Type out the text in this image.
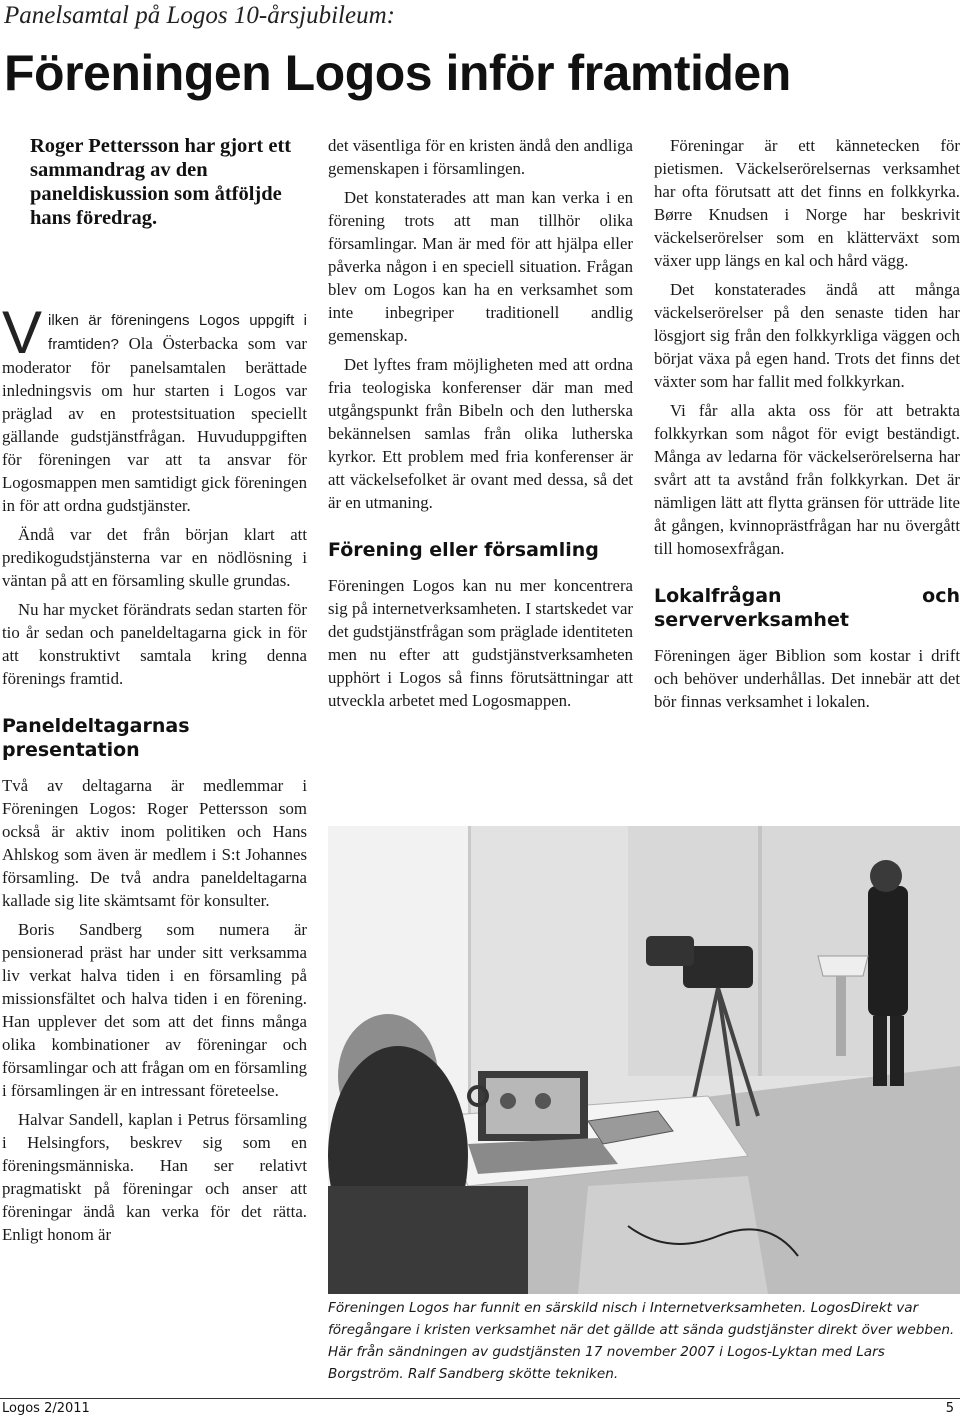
Panelsamtal på Logos 10-årsjubileum:
Föreningen Logos inför framtiden
Roger Pettersson har gjort ett sammandrag av den paneldiskussion som åtföljde hans föredrag.

Vilken är föreningens Logos uppgift i framtiden? Ola Österbacka som var moderator för panelsamtalen berättade inledningsvis om hur starten i Logos var präglad av en protestsituation speciellt gällande gudstjänstfrågan. Huvuduppgiften för föreningen var att ta ansvar för Logosmappen men samtidigt gick föreningen in för att ordna gudstjänster.

Ändå var det från början klart att predikogudstjänsterna var en nödlösning i väntan på att en församling skulle grundas.

Nu har mycket förändrats sedan starten för tio år sedan och paneldeltagarna gick in för att konstruktivt samtala kring denna förenings framtid.

Paneldeltagarnas presentation

Två av deltagarna är medlemmar i Föreningen Logos: Roger Pettersson som också är aktiv inom politiken och Hans Ahlskog som även är medlem i S:t Johannes församling. De två andra paneldeltagarna kallade sig lite skämtsamt för konsulter.

Boris Sandberg som numera är pensionerad präst har under sitt verksamma liv verkat halva tiden i en församling på missionsfältet och halva tiden i en förening. Han upplever det som att det finns många olika kombinationer av föreningar och församlingar och att frågan om en församling i församlingen är en intressant företeelse.

Halvar Sandell, kaplan i Petrus församling i Helsingfors, beskrev sig som en föreningsmänniska. Han ser relativt pragmatiskt på föreningar och anser att föreningar ändå kan verka för det rätta. Enligt honom är

det väsentliga för en kristen ändå den andliga gemenskapen i församlingen.

Det konstaterades att man kan verka i en förening trots att man tillhör olika församlingar. Man är med för att hjälpa eller påverka någon i en speciell situation. Frågan blev om Logos kan ha en verksamhet som inte inbegriper traditionell andlig gemenskap.

Det lyftes fram möjligheten med att ordna fria teologiska konferenser där man med utgångspunkt från Bibeln och den lutherska bekännelsen samlas från olika lutherska kyrkor. Ett problem med fria konferenser är att väckelsefolket är ovant med dessa, så det är en utmaning.

Förening eller församling

Föreningen Logos kan nu mer koncentrera sig på internetverksamheten. I startskedet var det gudstjänstfrågan som präglade identiteten men nu efter att gudstjänstverksamheten upphört i Logos så finns förutsättningar att utveckla arbetet med Logosmappen.

Föreningar är ett kännetecken för pietismen. Väckelserörelsernas verksamhet har ofta förutsatt att det finns en folkkyrka. Børre Knudsen i Norge har beskrivit väckelserörelser som en klätterväxt som växer upp längs en kal och hård vägg.

Det konstaterades ändå att många väckelserörelser på den senaste tiden har lösgjort sig från den folkkyrkliga väggen och börjat växa på egen hand. Trots det finns det växter som har fallit med folkkyrkan.

Vi får alla akta oss för att betrakta folkkyrkan som något för evigt beständigt. Många av ledarna för väckelserörelserna har svårt att ta avstånd från folkkyrkan. Det är nämligen lätt att flytta gränsen för utträde lite åt gången, kvinnoprästfrågan har nu övergått till homosexfrågan.

Lokalfrågan och serververksamhet

Föreningen äger Biblion som kostar i drift och behöver underhållas. Det innebär att det bör finnas verksamhet i lokalen.

Föreningen Logos har funnit en särskild nisch i Internetverksamheten. LogosDirekt var föregångare i kristen verksamhet när det gällde att sända gudstjänster direkt över webben. Här från sändningen av gudstjänsten 17 november 2007 i Logos-Lyktan med Lars Borgström. Ralf Sandberg skötte tekniken.
Logos 2/2011	5
